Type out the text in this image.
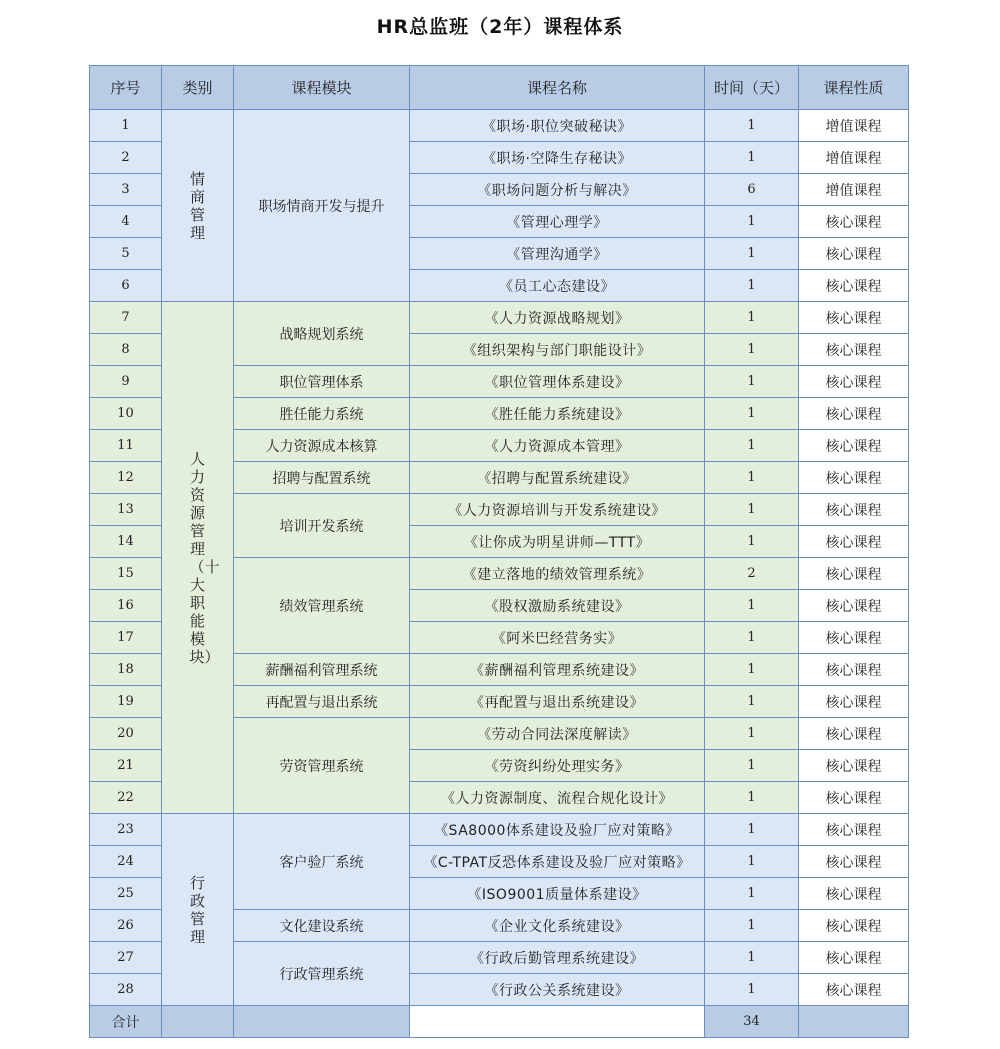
HR总监班（2年）课程体系
序号	类别	课程模块	课程名称	时间（天）	课程性质
1	情商管理	职场情商开发与提升	《职场·职位突破秘诀》	1	增值课程
2			《职场·空降生存秘诀》	1	增值课程
3			《职场问题分析与解决》	6	增值课程
4			《管理心理学》	1	核心课程
5			《管理沟通学》	1	核心课程
6			《员工心态建设》	1	核心课程
7	人力资源管理（十大职能模块）	战略规划系统	《人力资源战略规划》	1	核心课程
8			《组织架构与部门职能设计》	1	核心课程
9		职位管理体系	《职位管理体系建设》	1	核心课程
10		胜任能力系统	《胜任能力系统建设》	1	核心课程
11		人力资源成本核算	《人力资源成本管理》	1	核心课程
12		招聘与配置系统	《招聘与配置系统建设》	1	核心课程
13		培训开发系统	《人力资源培训与开发系统建设》	1	核心课程
14			《让你成为明星讲师—TTT》	1	核心课程
15		绩效管理系统	《建立落地的绩效管理系统》	2	核心课程
16			《股权激励系统建设》	1	核心课程
17			《阿米巴经营务实》	1	核心课程
18		薪酬福利管理系统	《薪酬福利管理系统建设》	1	核心课程
19		再配置与退出系统	《再配置与退出系统建设》	1	核心课程
20		劳资管理系统	《劳动合同法深度解读》	1	核心课程
21			《劳资纠纷处理实务》	1	核心课程
22			《人力资源制度、流程合规化设计》	1	核心课程
23	行政管理	客户验厂系统	《SA8000体系建设及验厂应对策略》	1	核心课程
24			《C-TPAT反恐体系建设及验厂应对策略》	1	核心课程
25			《ISO9001质量体系建设》	1	核心课程
26		文化建设系统	《企业文化系统建设》	1	核心课程
27		行政管理系统	《行政后勤管理系统建设》	1	核心课程
28			《行政公关系统建设》	1	核心课程
合计				34	
